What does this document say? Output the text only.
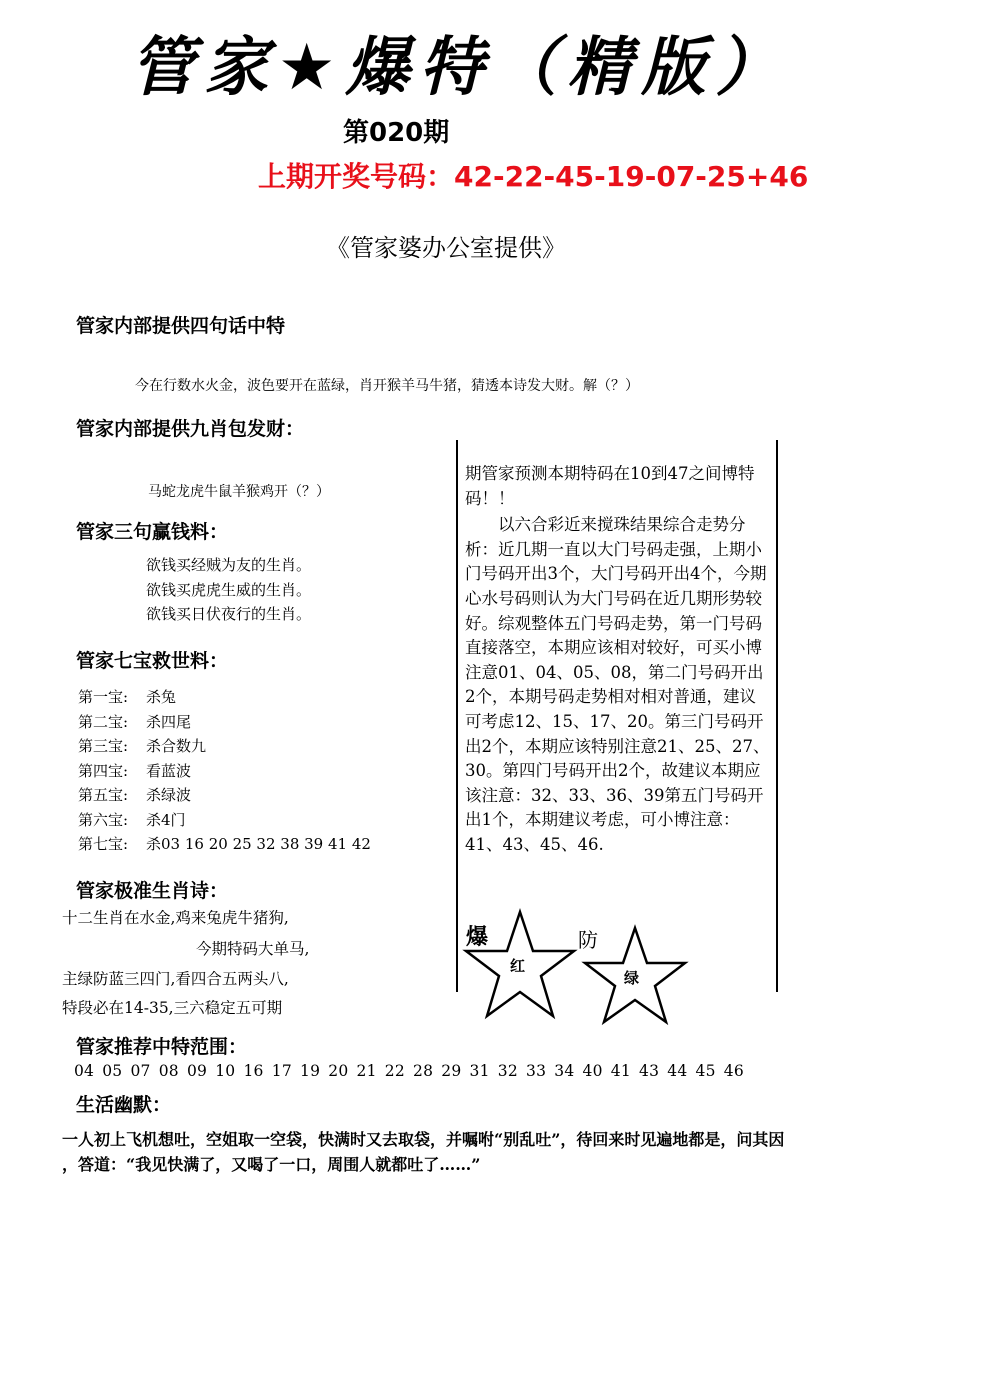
管家★爆特（精版）
第020期
上期开奖号码：42-22-45-19-07-25+46
《管家婆办公室提供》
管家内部提供四句话中特
今在行数水火金，波色要开在蓝绿，肖开猴羊马牛猪，猜透本诗发大财。解（？）
管家内部提供九肖包发财：
马蛇龙虎牛鼠羊猴鸡开（？）
管家三句赢钱料：
欲钱买经贼为友的生肖。
欲钱买虎虎生威的生肖。
欲钱买日伏夜行的生肖。
管家七宝救世料：
第一宝: 杀兔
第二宝: 杀四尾
第三宝: 杀合数九
第四宝: 看蓝波
第五宝: 杀绿波
第六宝: 杀4门
第七宝: 杀03 16 20 25 32 38 39 41 42
管家极准生肖诗：
十二生肖在水金,鸡来兔虎牛猪狗,
今期特码大单马,
主绿防蓝三四门,看四合五两头八,
特段必在14-35,三六稳定五可期
期管家预测本期特码在10到47之间博特码！！
以六合彩近来搅珠结果综合走势分析：近几期一直以大门号码走强，上期小门号码开出3个，大门号码开出4个，今期心水号码则认为大门号码在近几期形势较好。综观整体五门号码走势，第一门号码直接落空，本期应该相对较好，可买小博注意01、04、05、08，第二门号码开出2个，本期号码走势相对相对普通，建议可考虑12、15、17、20。第三门号码开出2个，本期应该特别注意21、25、27、30。第四门号码开出2个，故建议本期应该注意：32、33、36、39第五门号码开出1个，本期建议考虑，可小博注意：41、43、45、46.
爆	防
红
绿
管家推荐中特范围：
04 05 07 08 09 10 16 17 19 20 21 22 28 29 31 32 33 34 40 41 43 44 45 46
生活幽默：
一人初上飞机想吐，空姐取一空袋，快满时又去取袋，并嘱咐“别乱吐”，待回来时见遍地都是，问其因
，答道：“我见快满了，又喝了一口，周围人就都吐了……”
